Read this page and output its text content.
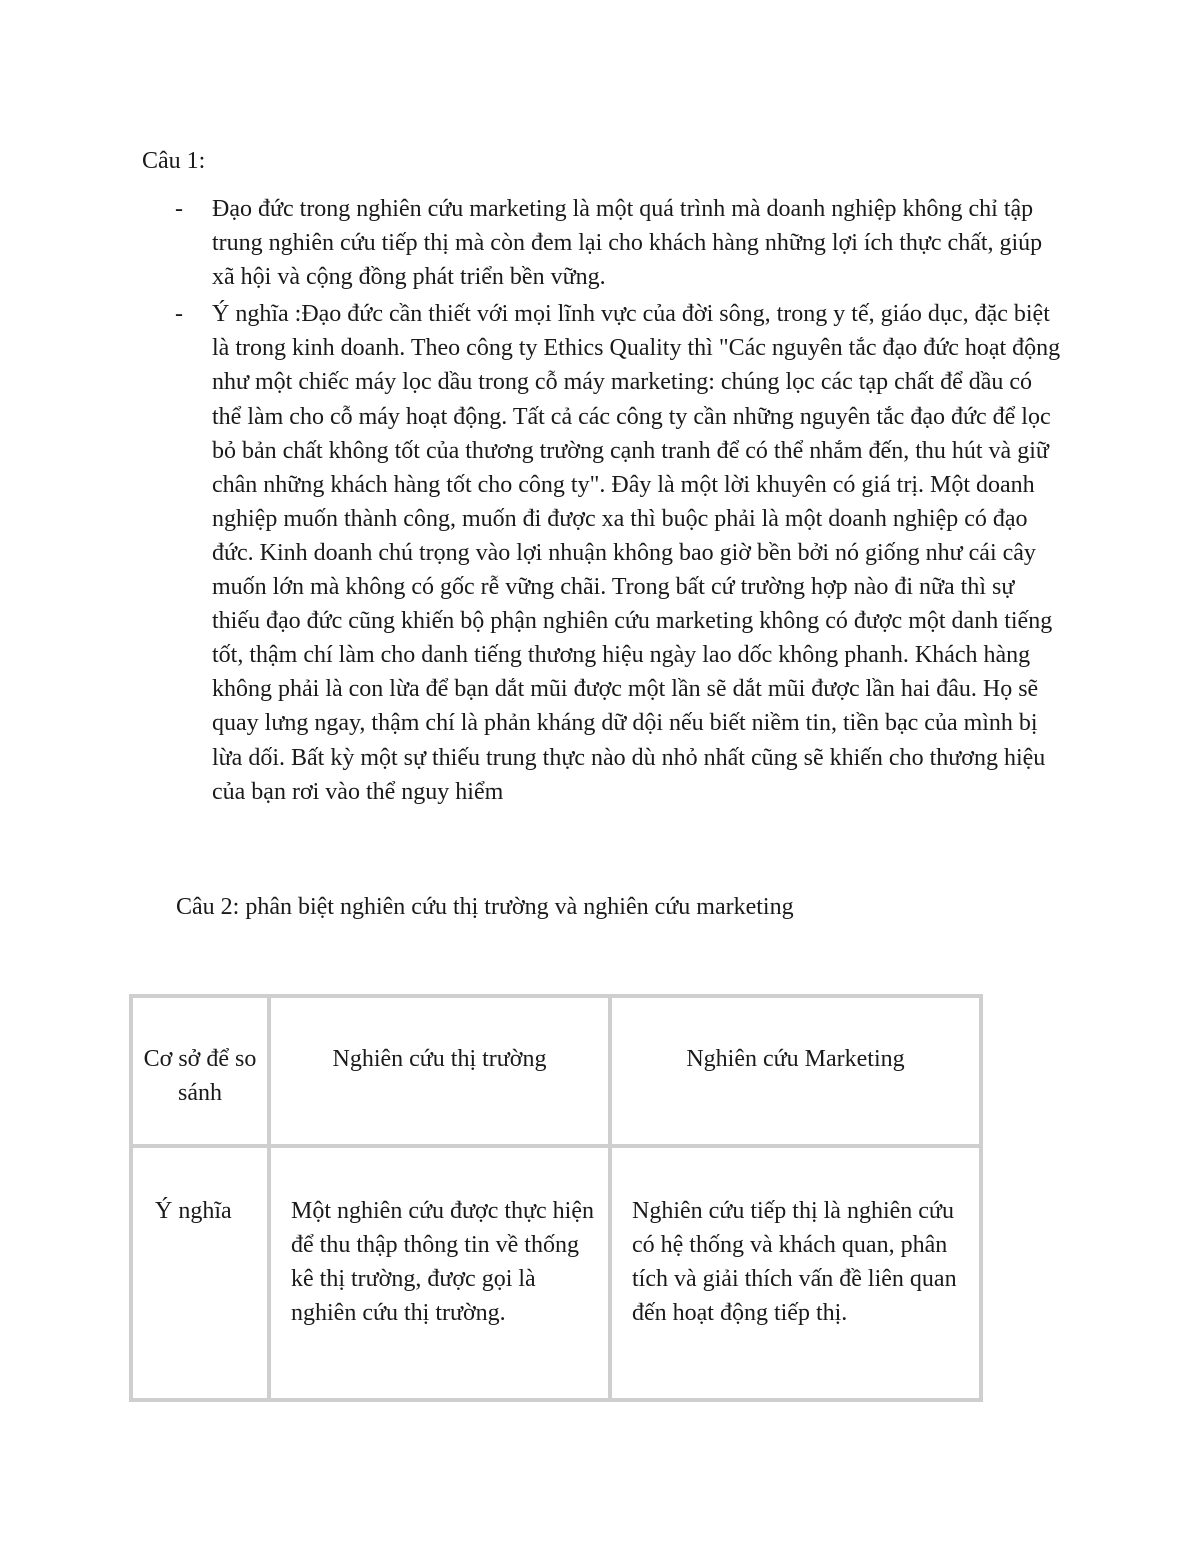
Câu 1:
- Đạo đức trong nghiên cứu marketing là một quá trình mà doanh nghiệp không chỉ tập trung nghiên cứu tiếp thị mà còn đem lại cho khách hàng những lợi ích thực chất, giúp xã hội và cộng đồng phát triển bền vững.
- Ý nghĩa :Đạo đức cần thiết với mọi lĩnh vực của đời sông, trong y tế, giáo dục, đặc biệt là trong kinh doanh. Theo công ty Ethics Quality thì "Các nguyên tắc đạo đức hoạt động như một chiếc máy lọc dầu trong cỗ máy marketing: chúng lọc các tạp chất để dầu có thể làm cho cỗ máy hoạt động. Tất cả các công ty cần những nguyên tắc đạo đức để lọc bỏ bản chất không tốt của thương trường cạnh tranh để có thể nhắm đến, thu hút và giữ chân những khách hàng tốt cho công ty". Đây là một lời khuyên có giá trị. Một doanh nghiệp muốn thành công, muốn đi được xa thì buộc phải là một doanh nghiệp có đạo đức. Kinh doanh chú trọng vào lợi nhuận không bao giờ bền bởi nó giống như cái cây muốn lớn mà không có gốc rễ vững chãi. Trong bất cứ trường hợp nào đi nữa thì sự thiếu đạo đức cũng khiến bộ phận nghiên cứu marketing không có được một danh tiếng tốt, thậm chí làm cho danh tiếng thương hiệu ngày lao dốc không phanh. Khách hàng không phải là con lừa để bạn dắt mũi được một lần sẽ dắt mũi được lần hai đâu. Họ sẽ quay lưng ngay, thậm chí là phản kháng dữ dội nếu biết niềm tin, tiền bạc của mình bị lừa dối. Bất kỳ một sự thiếu trung thực nào dù nhỏ nhất cũng sẽ khiến cho thương hiệu của bạn rơi vào thể nguy hiểm
Câu 2: phân biệt nghiên cứu thị trường và nghiên cứu marketing
Cơ sở để so sánh	Nghiên cứu thị trường	Nghiên cứu Marketing
Ý nghĩa	Một nghiên cứu được thực hiện để thu thập thông tin về thống kê thị trường, được gọi là nghiên cứu thị trường.	Nghiên cứu tiếp thị là nghiên cứu có hệ thống và khách quan, phân tích và giải thích vấn đề liên quan đến hoạt động tiếp thị.
